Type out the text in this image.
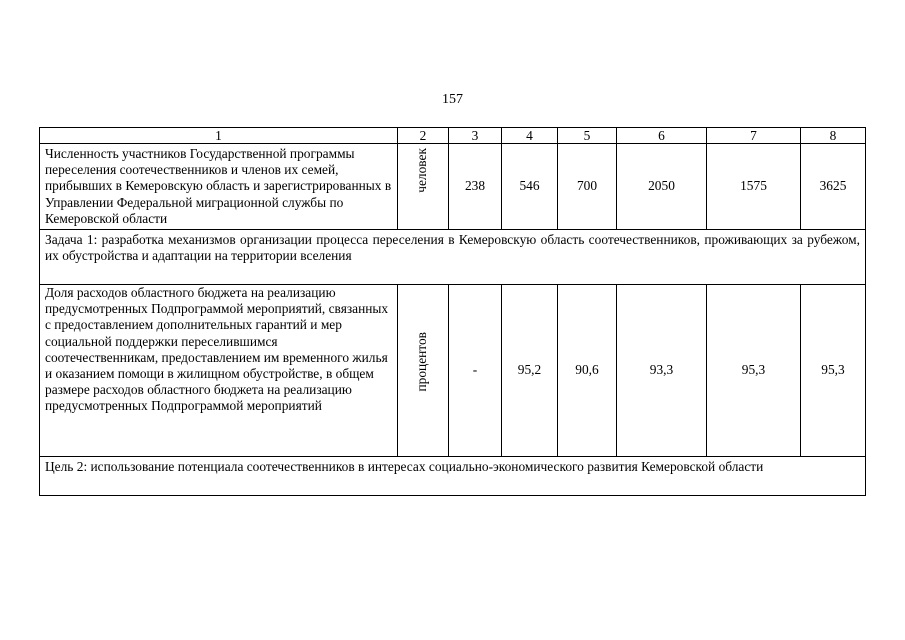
157
1	2	3	4	5	6	7	8
Численность участников Государственной программы переселения соотечественников и членов их семей, прибывших в Кемеровскую область и зарегистрированных в Управлении Федеральной миграционной службы по Кемеровской области	человек	238	546	700	2050	1575	3625
Задача 1: разработка механизмов организации процесса переселения в Кемеровскую область соотечественников, проживающих за рубежом, их обустройства и адаптации на территории вселения							
Доля расходов областного бюджета на реализацию предусмотренных Подпрограммой мероприятий, связанных с предоставлением дополнительных гарантий и мер социальной поддержки переселившимся соотечественникам, предоставлением им временного жилья и оказанием помощи в жилищном обустройстве, в общем размере расходов областного бюджета на реализацию предусмотренных Подпрограммой мероприятий	процентов	-	95,2	90,6	93,3	95,3	95,3
Цель 2: использование потенциала соотечественников в интересах социально-экономического развития Кемеровской области							
